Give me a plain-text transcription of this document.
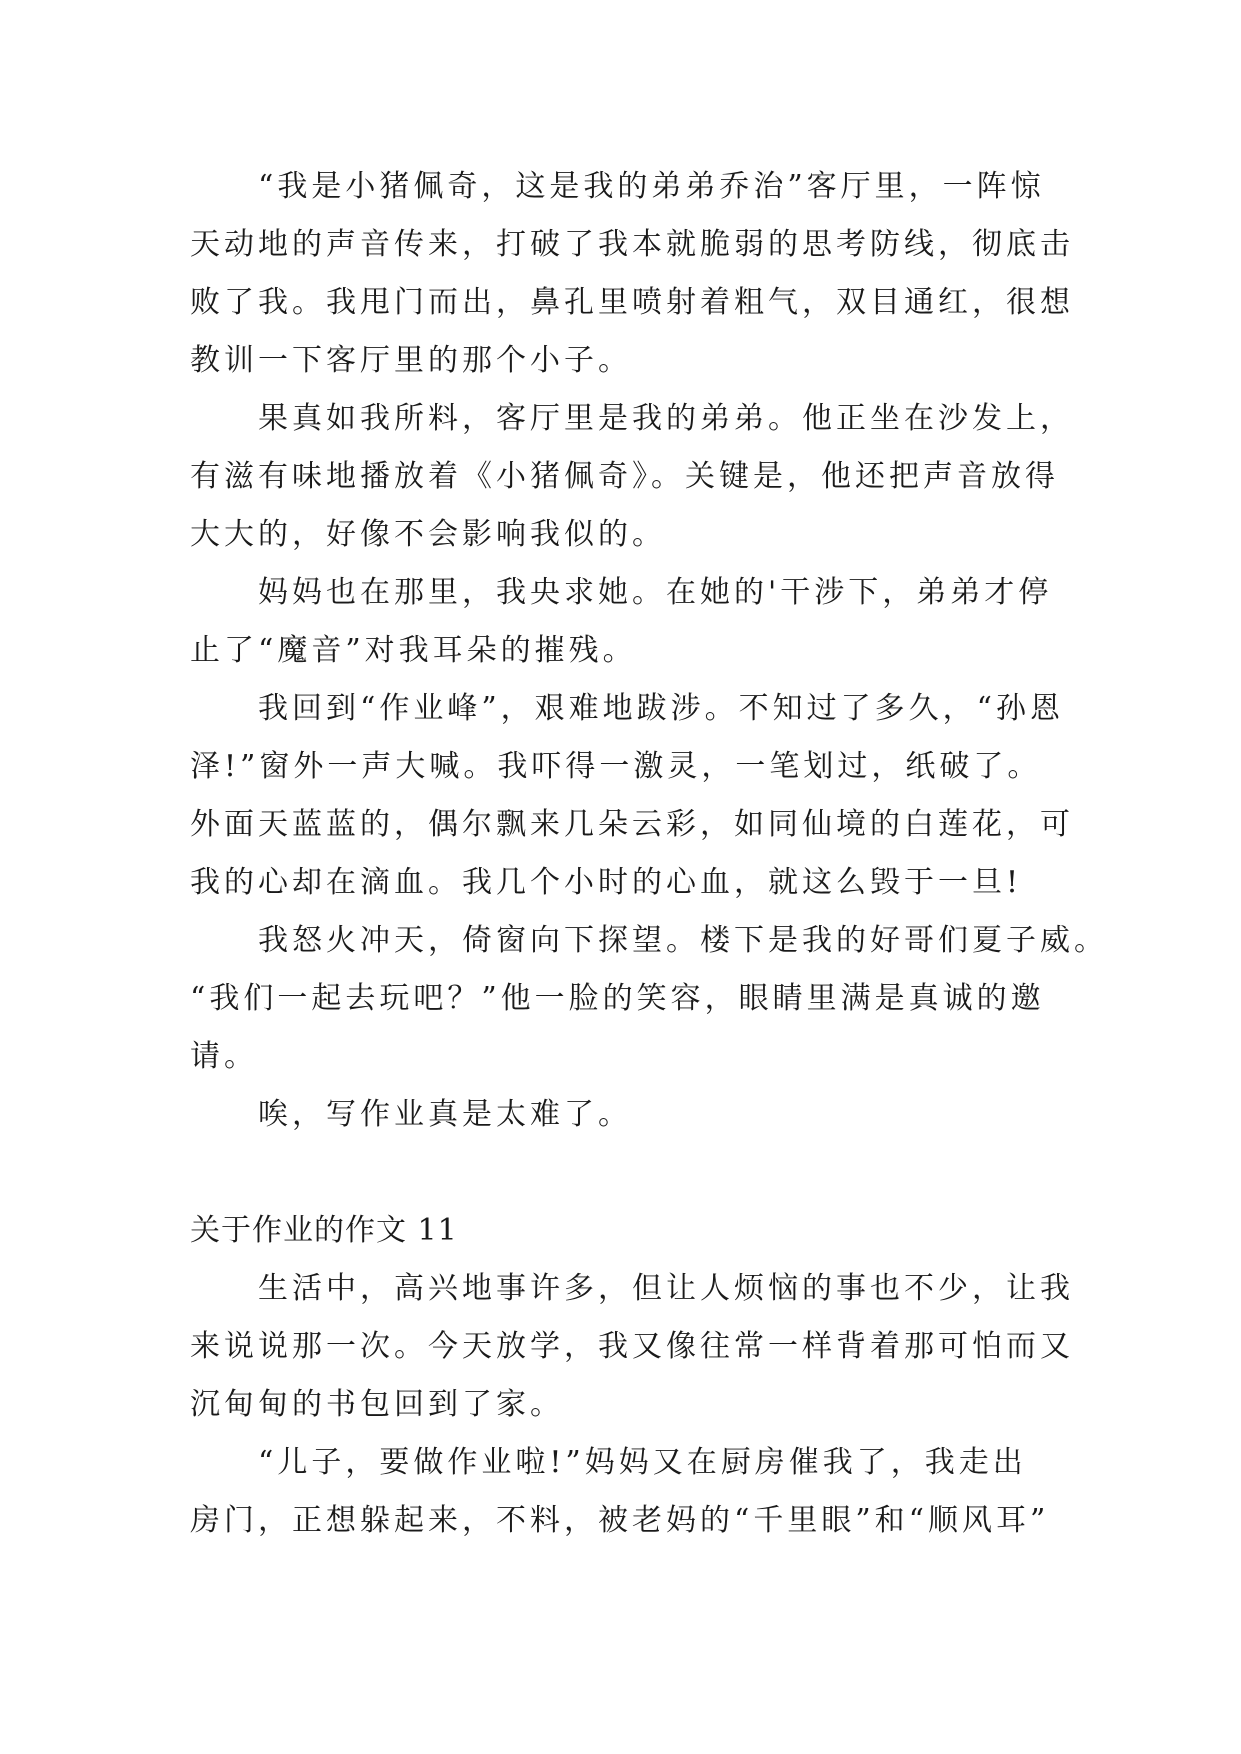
“我是小猪佩奇，这是我的弟弟乔治”客厅里，一阵惊
天动地的声音传来，打破了我本就脆弱的思考防线，彻底击
败了我。我甩门而出，鼻孔里喷射着粗气，双目通红，很想
教训一下客厅里的那个小子。
果真如我所料，客厅里是我的弟弟。他正坐在沙发上，
有滋有味地播放着《小猪佩奇》。关键是，他还把声音放得
大大的，好像不会影响我似的。
妈妈也在那里，我央求她。在她的'干涉下，弟弟才停
止了“魔音”对我耳朵的摧残。
我回到“作业峰”，艰难地跋涉。不知过了多久，“孙恩
泽!”窗外一声大喊。我吓得一激灵，一笔划过，纸破了。
外面天蓝蓝的，偶尔飘来几朵云彩，如同仙境的白莲花，可
我的心却在滴血。我几个小时的心血，就这么毁于一旦!
我怒火冲天，倚窗向下探望。楼下是我的好哥们夏子威。
“我们一起去玩吧？”他一脸的笑容，眼睛里满是真诚的邀
请。
唉，写作业真是太难了。
关于作业的作文 11
生活中，高兴地事许多，但让人烦恼的事也不少，让我
来说说那一次。今天放学，我又像往常一样背着那可怕而又
沉甸甸的书包回到了家。
“儿子，要做作业啦!”妈妈又在厨房催我了，我走出
房门，正想躲起来，不料，被老妈的“千里眼”和“顺风耳”
